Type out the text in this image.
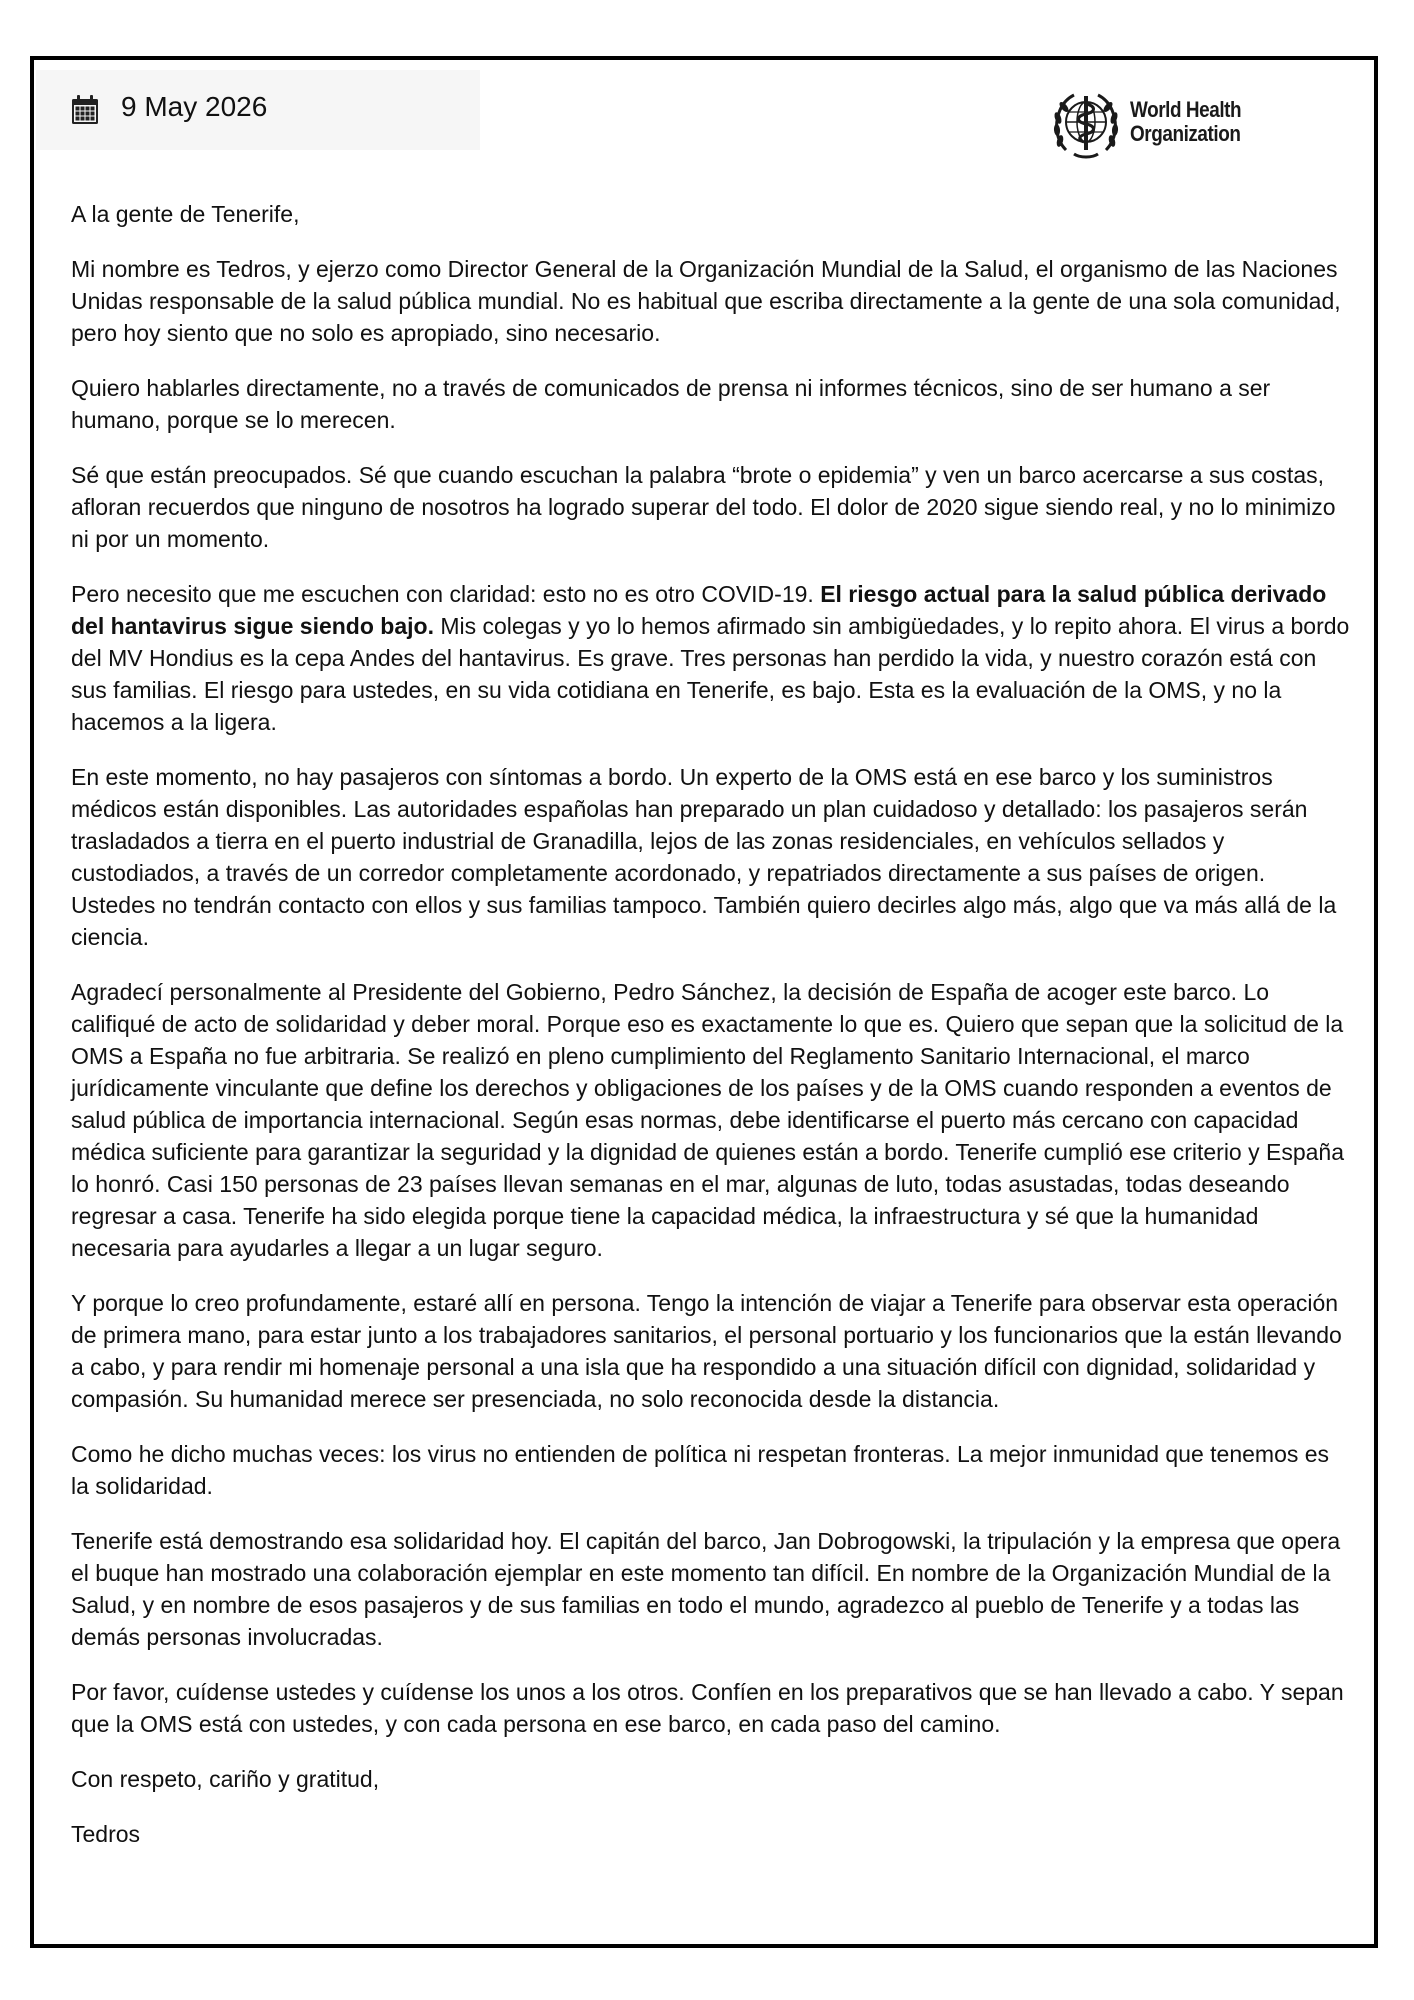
9 May 2026	World Health
Organization

A la gente de Tenerife,

Mi nombre es Tedros, y ejerzo como Director General de la Organización Mundial de la Salud, el organismo de las Naciones Unidas responsable de la salud pública mundial. No es habitual que escriba directamente a la gente de una sola comunidad, pero hoy siento que no solo es apropiado, sino necesario.

Quiero hablarles directamente, no a través de comunicados de prensa ni informes técnicos, sino de ser humano a ser humano, porque se lo merecen.

Sé que están preocupados. Sé que cuando escuchan la palabra “brote o epidemia” y ven un barco acercarse a sus costas, afloran recuerdos que ninguno de nosotros ha logrado superar del todo. El dolor de 2020 sigue siendo real, y no lo minimizo ni por un momento.

Pero necesito que me escuchen con claridad: esto no es otro COVID-19. El riesgo actual para la salud pública derivado del hantavirus sigue siendo bajo. Mis colegas y yo lo hemos afirmado sin ambigüedades, y lo repito ahora. El virus a bordo del MV Hondius es la cepa Andes del hantavirus. Es grave. Tres personas han perdido la vida, y nuestro corazón está con sus familias. El riesgo para ustedes, en su vida cotidiana en Tenerife, es bajo. Esta es la evaluación de la OMS, y no la hacemos a la ligera.

En este momento, no hay pasajeros con síntomas a bordo. Un experto de la OMS está en ese barco y los suministros médicos están disponibles. Las autoridades españolas han preparado un plan cuidadoso y detallado: los pasajeros serán trasladados a tierra en el puerto industrial de Granadilla, lejos de las zonas residenciales, en vehículos sellados y custodiados, a través de un corredor completamente acordonado, y repatriados directamente a sus países de origen. Ustedes no tendrán contacto con ellos y sus familias tampoco. También quiero decirles algo más, algo que va más allá de la ciencia.

Agradecí personalmente al Presidente del Gobierno, Pedro Sánchez, la decisión de España de acoger este barco. Lo califiqué de acto de solidaridad y deber moral. Porque eso es exactamente lo que es. Quiero que sepan que la solicitud de la OMS a España no fue arbitraria. Se realizó en pleno cumplimiento del Reglamento Sanitario Internacional, el marco jurídicamente vinculante que define los derechos y obligaciones de los países y de la OMS cuando responden a eventos de salud pública de importancia internacional. Según esas normas, debe identificarse el puerto más cercano con capacidad médica suficiente para garantizar la seguridad y la dignidad de quienes están a bordo. Tenerife cumplió ese criterio y España lo honró. Casi 150 personas de 23 países llevan semanas en el mar, algunas de luto, todas asustadas, todas deseando regresar a casa. Tenerife ha sido elegida porque tiene la capacidad médica, la infraestructura y sé que la humanidad necesaria para ayudarles a llegar a un lugar seguro.

Y porque lo creo profundamente, estaré allí en persona. Tengo la intención de viajar a Tenerife para observar esta operación de primera mano, para estar junto a los trabajadores sanitarios, el personal portuario y los funcionarios que la están llevando a cabo, y para rendir mi homenaje personal a una isla que ha respondido a una situación difícil con dignidad, solidaridad y compasión. Su humanidad merece ser presenciada, no solo reconocida desde la distancia.

Como he dicho muchas veces: los virus no entienden de política ni respetan fronteras. La mejor inmunidad que tenemos es la solidaridad.

Tenerife está demostrando esa solidaridad hoy. El capitán del barco, Jan Dobrogowski, la tripulación y la empresa que opera el buque han mostrado una colaboración ejemplar en este momento tan difícil. En nombre de la Organización Mundial de la Salud, y en nombre de esos pasajeros y de sus familias en todo el mundo, agradezco al pueblo de Tenerife y a todas las demás personas involucradas.

Por favor, cuídense ustedes y cuídense los unos a los otros. Confíen en los preparativos que se han llevado a cabo. Y sepan que la OMS está con ustedes, y con cada persona en ese barco, en cada paso del camino.

Con respeto, cariño y gratitud,

Tedros
